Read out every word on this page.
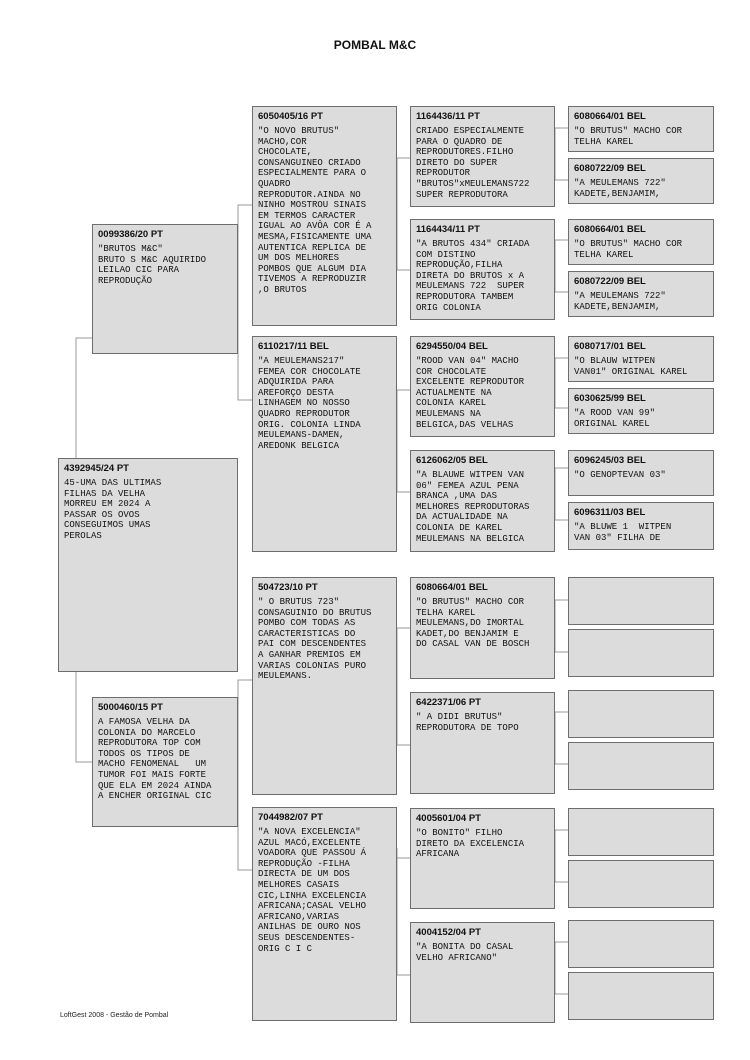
POMBAL M&C
4392945/24 PT
45-UMA DAS ULTIMAS
FILHAS DA VELHA
MORREU EM 2024 A
PASSAR OS OVOS
CONSEGUIMOS UMAS
PEROLAS
0099386/20 PT
"BRUTOS M&C"
BRUTO S M&C AQUIRIDO
LEILAO CIC PARA
REPRODUÇÃO
5000460/15 PT
A FAMOSA VELHA DA
COLONIA DO MARCELO
REPRODUTORA TOP COM
TODOS OS TIPOS DE
MACHO FENOMENAL   UM
TUMOR FOI MAIS FORTE
QUE ELA EM 2024 AINDA
A ENCHER ORIGINAL CIC
6050405/16 PT
"O NOVO BRUTUS"
MACHO,COR
CHOCOLATE,
CONSANGUINEO CRIADO
ESPECIALMENTE PARA O
QUADRO
REPRODUTOR.AINDA NO
NINHO MOSTROU SINAIS
EM TERMOS CARACTER
IGUAL AO AVÔA COR É A
MESMA,FISICAMENTE UMA
AUTENTICA REPLICA DE
UM DOS MELHORES
POMBOS QUE ALGUM DIA
TIVEMOS A REPRODUZIR
,O BRUTOS
6110217/11 BEL
"A MEULEMANS217"
FEMEA COR CHOCOLATE
ADQUIRIDA PARA
AREFORÇO DESTA
LINHAGEM NO NOSSO
QUADRO REPRODUTOR
ORIG. COLONIA LINDA
MEULEMANS-DAMEN,
AREDONK BELGICA
504723/10 PT
" O BRUTUS 723"
CONSAGUINIO DO BRUTUS
POMBO COM TODAS AS
CARACTERISTICAS DO
PAI COM DESCENDENTES
A GANHAR PREMIOS EM
VARIAS COLONIAS PURO
MEULEMANS.
7044982/07 PT
"A NOVA EXCELENCIA"
AZUL MACÓ,EXCELENTE
VOADORA QUE PASSOU Á
REPRODUÇÃO -FILHA
DIRECTA DE UM DOS
MELHORES CASAIS
CIC,LINHA EXCELENCIA
AFRICANA;CASAL VELHO
AFRICANO,VARIAS
ANILHAS DE OURO NOS
SEUS DESCENDENTES-
ORIG C I C
1164436/11 PT
CRIADO ESPECIALMENTE
PARA O QUADRO DE
REPRODUTORES.FILHO
DIRETO DO SUPER
REPRODUTOR
"BRUTOS"xMEULEMANS722
SUPER REPRODUTORA
1164434/11 PT
"A BRUTOS 434" CRIADA
COM DISTINO
REPRODUÇÃO,FILHA
DIRETA DO BRUTOS x A
MEULEMANS 722  SUPER
REPRODUTORA TAMBEM
ORIG COLONIA
6294550/04 BEL
"ROOD VAN 04" MACHO
COR CHOCOLATE
EXCELENTE REPRODUTOR
ACTUALMENTE NA
COLONIA KAREL
MEULEMANS NA
BELGICA,DAS VELHAS
6126062/05 BEL
"A BLAUWE WITPEN VAN
06" FEMEA AZUL PENA
BRANCA ,UMA DAS
MELHORES REPRODUTORAS
DA ACTUALIDADE NA
COLONIA DE KAREL
MEULEMANS NA BELGICA
6080664/01 BEL
"O BRUTUS" MACHO COR
TELHA KAREL
MEULEMANS,DO IMORTAL
KADET,DO BENJAMIM E
DO CASAL VAN DE BOSCH
6422371/06 PT
" A DIDI BRUTUS"
REPRODUTORA DE TOPO
4005601/04 PT
"O BONITO" FILHO
DIRETO DA EXCELENCIA
AFRICANA
4004152/04 PT
"A BONITA DO CASAL
VELHO AFRICANO"
6080664/01 BEL
"O BRUTUS" MACHO COR
TELHA KAREL
6080722/09 BEL
"A MEULEMANS 722"
KADETE,BENJAMIM,
6080664/01 BEL
"O BRUTUS" MACHO COR
TELHA KAREL
6080722/09 BEL
"A MEULEMANS 722"
KADETE,BENJAMIM,
6080717/01 BEL
"O BLAUW WITPEN
VAN01" ORIGINAL KAREL
6030625/99 BEL
"A ROOD VAN 99"
ORIGINAL KAREL
6096245/03 BEL
"O GENOPTEVAN 03"
6096311/03 BEL
"A BLUWE 1  WITPEN
VAN 03" FILHA DE
LoftGest 2008 - Gestão de Pombal
